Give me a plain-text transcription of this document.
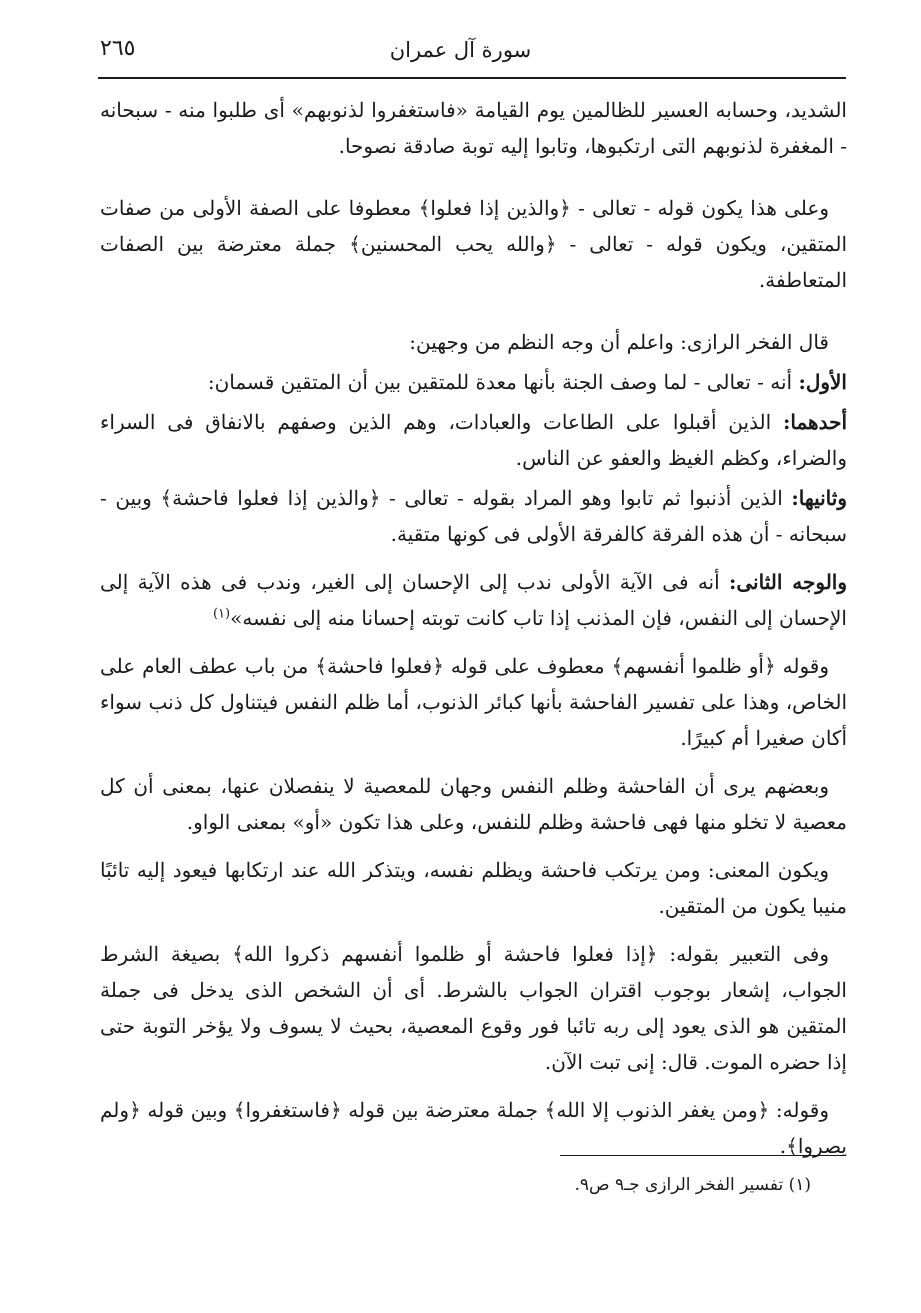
٢٦٥	سورة آل عمران

الشديد، وحسابه العسير للظالمين يوم القيامة «فاستغفروا لذنوبهم» أى طلبوا منه - سبحانه - المغفرة لذنوبهم التى ارتكبوها، وتابوا إليه توبة صادقة نصوحا.

وعلى هذا يكون قوله - تعالى - ﴿والذين إذا فعلوا﴾ معطوفا على الصفة الأولى من صفات المتقين، ويكون قوله - تعالى - ﴿والله يحب المحسنين﴾ جملة معترضة بين الصفات المتعاطفة.

قال الفخر الرازى: واعلم أن وجه النظم من وجهين:

الأول: أنه - تعالى - لما وصف الجنة بأنها معدة للمتقين بين أن المتقين قسمان:

أحدهما: الذين أقبلوا على الطاعات والعبادات، وهم الذين وصفهم بالانفاق فى السراء والضراء، وكظم الغيظ والعفو عن الناس.

وثانيها: الذين أذنبوا ثم تابوا وهو المراد بقوله - تعالى - ﴿والذين إذا فعلوا فاحشة﴾ وبين - سبحانه - أن هذه الفرقة كالفرقة الأولى فى كونها متقية.

والوجه الثانى: أنه فى الآية الأولى ندب إلى الإحسان إلى الغير، وندب فى هذه الآية إلى الإحسان إلى النفس، فإن المذنب إذا تاب كانت توبته إحسانا منه إلى نفسه»$^{(١)}$

وقوله ﴿أو ظلموا أنفسهم﴾ معطوف على قوله ﴿فعلوا فاحشة﴾ من باب عطف العام على الخاص، وهذا على تفسير الفاحشة بأنها كبائر الذنوب، أما ظلم النفس فيتناول كل ذنب سواء أكان صغيرا أم كبيرًا.

وبعضهم يرى أن الفاحشة وظلم النفس وجهان للمعصية لا ينفصلان عنها، بمعنى أن كل معصية لا تخلو منها فهى فاحشة وظلم للنفس، وعلى هذا تكون «أو» بمعنى الواو.

ويكون المعنى: ومن يرتكب فاحشة ويظلم نفسه، ويتذكر الله عند ارتكابها فيعود إليه تائبًا منيبا يكون من المتقين.

وفى التعبير بقوله: ﴿إذا فعلوا فاحشة أو ظلموا أنفسهم ذكروا الله﴾ بصيغة الشرط الجواب، إشعار بوجوب اقتران الجواب بالشرط. أى أن الشخص الذى يدخل فى جملة المتقين هو الذى يعود إلى ربه تائبا فور وقوع المعصية، بحيث لا يسوف ولا يؤخر التوبة حتى إذا حضره الموت. قال: إنى تبت الآن.

وقوله: ﴿ومن يغفر الذنوب إلا الله﴾ جملة معترضة بين قوله ﴿فاستغفروا﴾ وبين قوله ﴿ولم يصروا﴾.

(١) تفسير الفخر الرازى جـ٩ ص٩.
